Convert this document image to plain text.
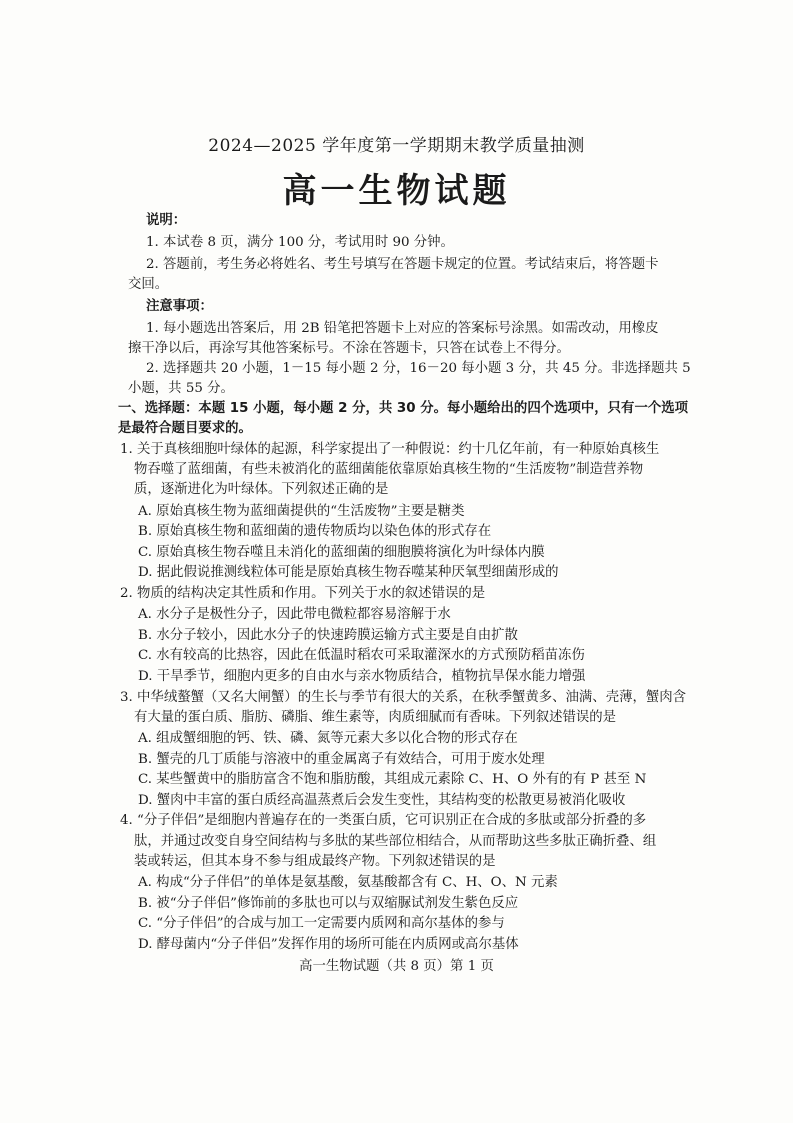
2024—2025 学年度第一学期期末教学质量抽测
高一生物试题
说明：
1. 本试卷 8 页，满分 100 分，考试用时 90 分钟。
2. 答题前，考生务必将姓名、考生号填写在答题卡规定的位置。考试结束后，将答题卡
交回。
注意事项：
1. 每小题选出答案后，用 2B 铅笔把答题卡上对应的答案标号涂黑。如需改动，用橡皮
擦干净以后，再涂写其他答案标号。不涂在答题卡，只答在试卷上不得分。
2. 选择题共 20 小题，1－15 每小题 2 分，16－20 每小题 3 分，共 45 分。非选择题共 5
小题，共 55 分。
一、选择题：本题 15 小题，每小题 2 分，共 30 分。每小题给出的四个选项中，只有一个选项
是最符合题目要求的。
1. 关于真核细胞叶绿体的起源，科学家提出了一种假说：约十几亿年前，有一种原始真核生
物吞噬了蓝细菌，有些未被消化的蓝细菌能依靠原始真核生物的“生活废物”制造营养物
质，逐渐进化为叶绿体。下列叙述正确的是
A. 原始真核生物为蓝细菌提供的“生活废物”主要是糖类
B. 原始真核生物和蓝细菌的遗传物质均以染色体的形式存在
C. 原始真核生物吞噬且未消化的蓝细菌的细胞膜将演化为叶绿体内膜
D. 据此假说推测线粒体可能是原始真核生物吞噬某种厌氧型细菌形成的
2. 物质的结构决定其性质和作用。下列关于水的叙述错误的是
A. 水分子是极性分子，因此带电微粒都容易溶解于水
B. 水分子较小，因此水分子的快速跨膜运输方式主要是自由扩散
C. 水有较高的比热容，因此在低温时稻农可采取灌深水的方式预防稻苗冻伤
D. 干旱季节，细胞内更多的自由水与亲水物质结合，植物抗旱保水能力增强
3. 中华绒螯蟹（又名大闸蟹）的生长与季节有很大的关系，在秋季蟹黄多、油满、壳薄，蟹肉含
有大量的蛋白质、脂肪、磷脂、维生素等，肉质细腻而有香味。下列叙述错误的是
A. 组成蟹细胞的钙、铁、磷、氮等元素大多以化合物的形式存在
B. 蟹壳的几丁质能与溶液中的重金属离子有效结合，可用于废水处理
C. 某些蟹黄中的脂肪富含不饱和脂肪酸，其组成元素除 C、H、O 外有的有 P 甚至 N
D. 蟹肉中丰富的蛋白质经高温蒸煮后会发生变性，其结构变的松散更易被消化吸收
4. “分子伴侣”是细胞内普遍存在的一类蛋白质，它可识别正在合成的多肽或部分折叠的多
肽，并通过改变自身空间结构与多肽的某些部位相结合，从而帮助这些多肽正确折叠、组
装或转运，但其本身不参与组成最终产物。下列叙述错误的是
A. 构成“分子伴侣”的单体是氨基酸，氨基酸都含有 C、H、O、N 元素
B. 被“分子伴侣”修饰前的多肽也可以与双缩脲试剂发生紫色反应
C. “分子伴侣”的合成与加工一定需要内质网和高尔基体的参与
D. 酵母菌内“分子伴侣”发挥作用的场所可能在内质网或高尔基体
高一生物试题（共 8 页）第 1 页
